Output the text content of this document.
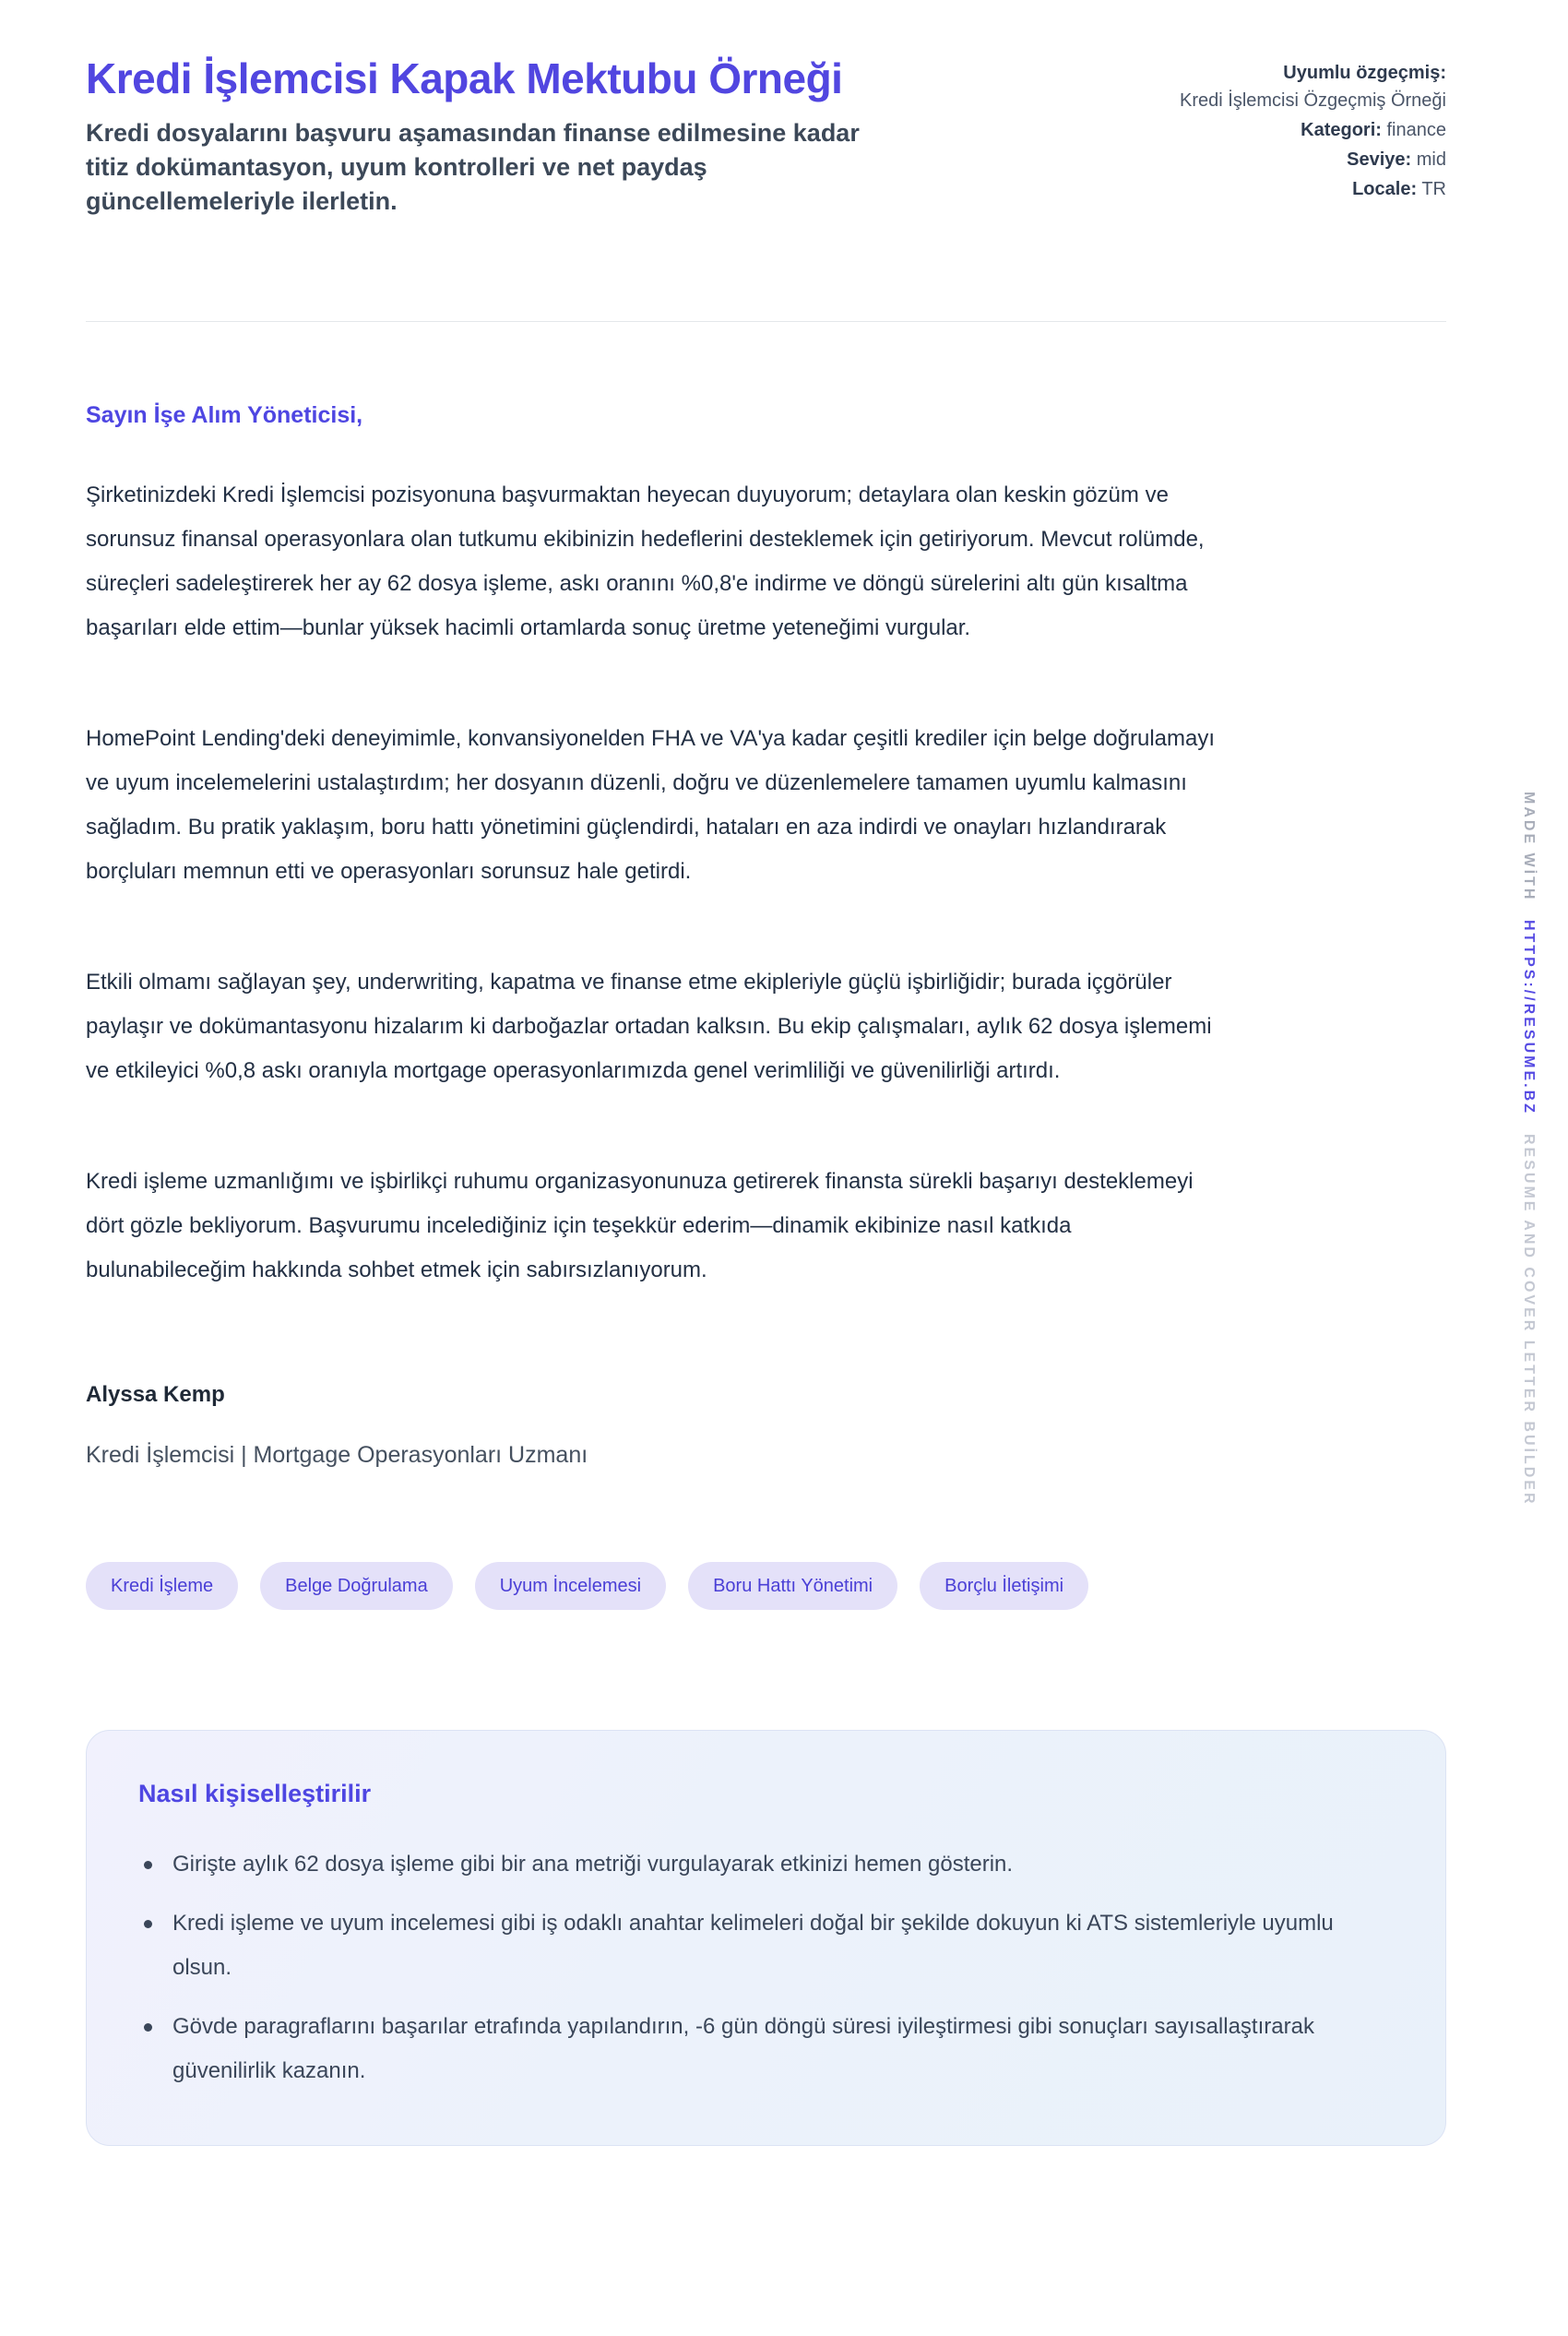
Kredi İşlemcisi Kapak Mektubu Örneği
Kredi dosyalarını başvuru aşamasından finanse edilmesine kadar titiz dokümantasyon, uyum kontrolleri ve net paydaş güncellemeleriyle ilerletin.
Uyumlu özgeçmiş:
Kredi İşlemcisi Özgeçmiş Örneği
Kategori: finance
Seviye: mid
Locale: TR
Sayın İşe Alım Yöneticisi,

Şirketinizdeki Kredi İşlemcisi pozisyonuna başvurmaktan heyecan duyuyorum; detaylara olan keskin gözüm ve sorunsuz finansal operasyonlara olan tutkumu ekibinizin hedeflerini desteklemek için getiriyorum. Mevcut rolümde, süreçleri sadeleştirerek her ay 62 dosya işleme, askı oranını %0,8'e indirme ve döngü sürelerini altı gün kısaltma başarıları elde ettim—bunlar yüksek hacimli ortamlarda sonuç üretme yeteneğimi vurgular.

HomePoint Lending'deki deneyimimle, konvansiyonelden FHA ve VA'ya kadar çeşitli krediler için belge doğrulamayı ve uyum incelemelerini ustalaştırdım; her dosyanın düzenli, doğru ve düzenlemelere tamamen uyumlu kalmasını sağladım. Bu pratik yaklaşım, boru hattı yönetimini güçlendirdi, hataları en aza indirdi ve onayları hızlandırarak borçluları memnun etti ve operasyonları sorunsuz hale getirdi.

Etkili olmamı sağlayan şey, underwriting, kapatma ve finanse etme ekipleriyle güçlü işbirliğidir; burada içgörüler paylaşır ve dokümantasyonu hizalarım ki darboğazlar ortadan kalksın. Bu ekip çalışmaları, aylık 62 dosya işlememi ve etkileyici %0,8 askı oranıyla mortgage operasyonlarımızda genel verimliliği ve güvenilirliği artırdı.

Kredi işleme uzmanlığımı ve işbirlikçi ruhumu organizasyonunuza getirerek finansta sürekli başarıyı desteklemeyi dört gözle bekliyorum. Başvurumu incelediğiniz için teşekkür ederim—dinamik ekibinize nasıl katkıda bulunabileceğim hakkında sohbet etmek için sabırsızlanıyorum.

Alyssa Kemp
Kredi İşlemcisi | Mortgage Operasyonları Uzmanı
Kredi İşleme	Belge Doğrulama	Uyum İncelemesi	Boru Hattı Yönetimi	Borçlu İletişimi
Nasıl kişiselleştirilir
Girişte aylık 62 dosya işleme gibi bir ana metriği vurgulayarak etkinizi hemen gösterin.
Kredi işleme ve uyum incelemesi gibi iş odaklı anahtar kelimeleri doğal bir şekilde dokuyun ki ATS sistemleriyle uyumlu olsun.
Gövde paragraflarını başarılar etrafında yapılandırın, -6 gün döngü süresi iyileştirmesi gibi sonuçları sayısallaştırarak güvenilirlik kazanın.
MADE WİTH
HTTPS://RESUME.BZ
RESUME AND COVER LETTER BUİLDER
